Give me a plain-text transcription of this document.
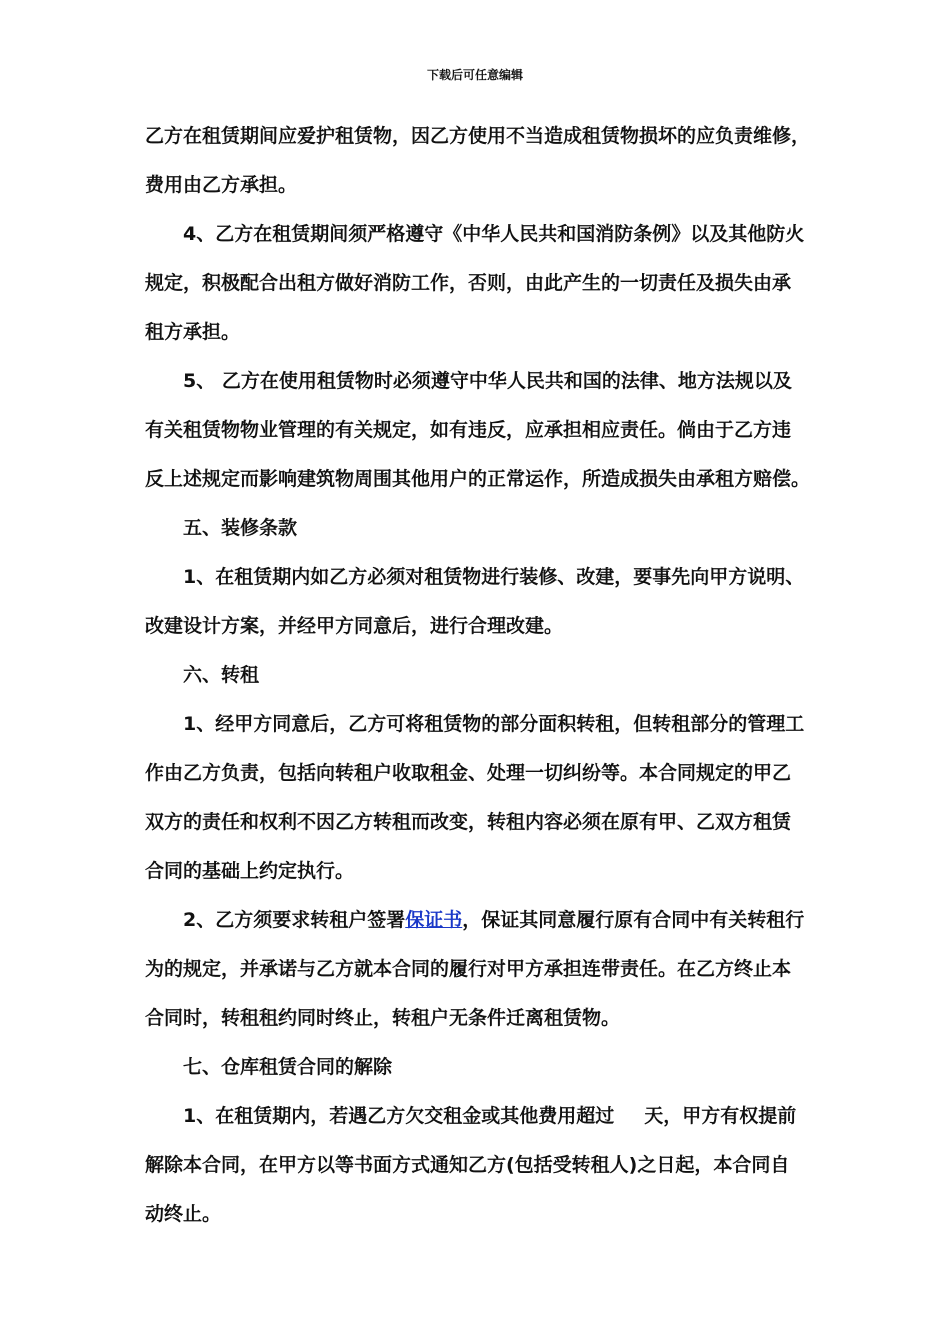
下载后可任意编辑
乙方在租赁期间应爱护租赁物，因乙方使用不当造成租赁物损坏的应负责维修，
费用由乙方承担。
4、乙方在租赁期间须严格遵守《中华人民共和国消防条例》以及其他防火
规定，积极配合出租方做好消防工作，否则，由此产生的一切责任及损失由承
租方承担。
5、 乙方在使用租赁物时必须遵守中华人民共和国的法律、地方法规以及
有关租赁物物业管理的有关规定，如有违反，应承担相应责任。倘由于乙方违
反上述规定而影响建筑物周围其他用户的正常运作，所造成损失由承租方赔偿。
五、装修条款
1、在租赁期内如乙方必须对租赁物进行装修、改建，要事先向甲方说明、
改建设计方案，并经甲方同意后，进行合理改建。
六、转租
1、经甲方同意后，乙方可将租赁物的部分面积转租，但转租部分的管理工
作由乙方负责，包括向转租户收取租金、处理一切纠纷等。本合同规定的甲乙
双方的责任和权利不因乙方转租而改变，转租内容必须在原有甲、乙双方租赁
合同的基础上约定执行。
2、乙方须要求转租户签署保证书，保证其同意履行原有合同中有关转租行
为的规定，并承诺与乙方就本合同的履行对甲方承担连带责任。在乙方终止本
合同时，转租租约同时终止，转租户无条件迁离租赁物。
七、仓库租赁合同的解除
1、在租赁期内，若遇乙方欠交租金或其他费用超过 天，甲方有权提前
解除本合同，在甲方以等书面方式通知乙方(包括受转租人)之日起，本合同自
动终止。
